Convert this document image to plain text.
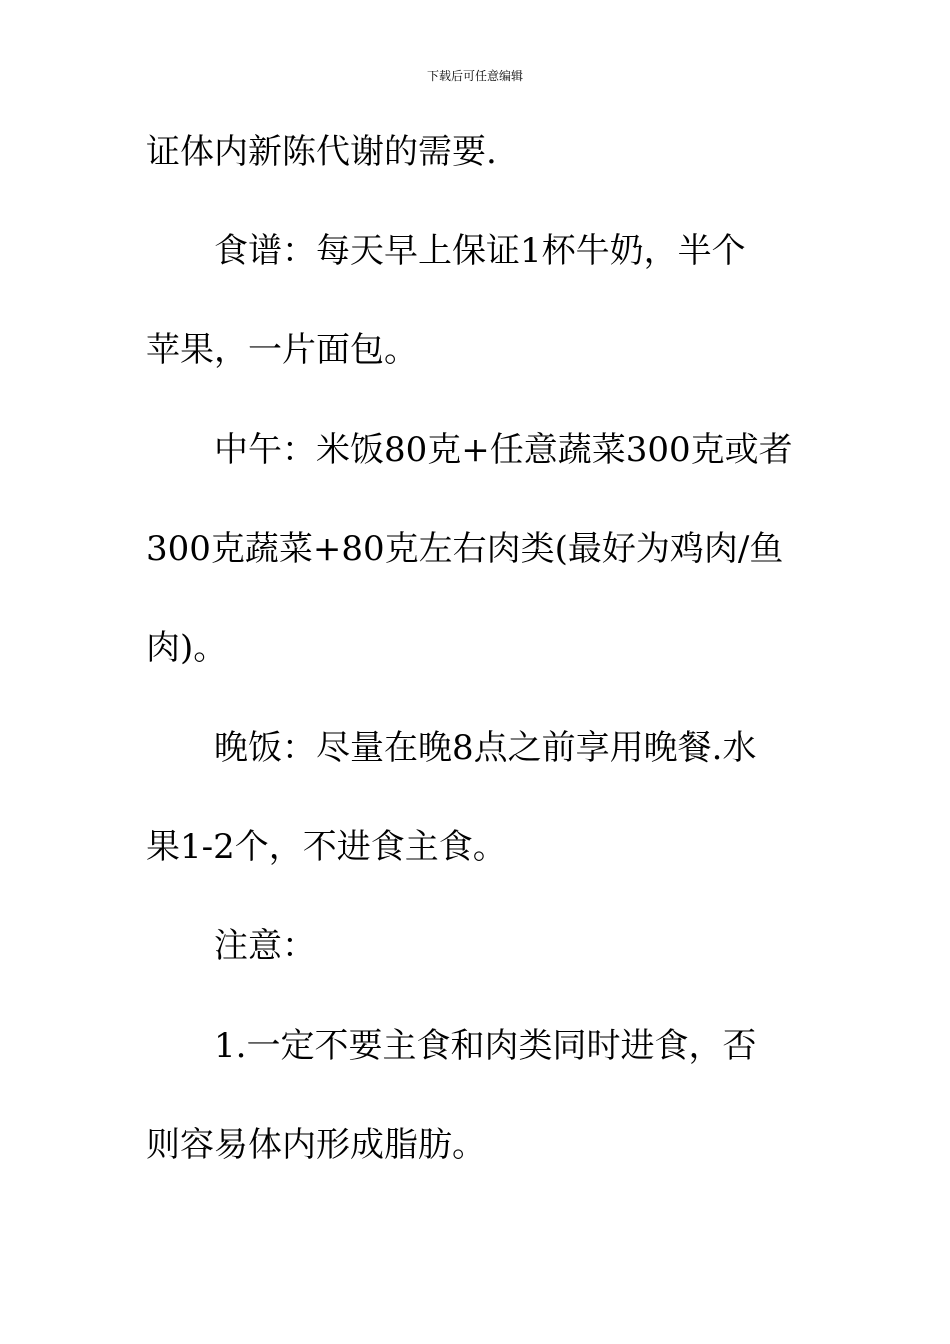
下载后可任意编辑
证体内新陈代谢的需要.
食谱：每天早上保证1杯牛奶，半个
苹果，一片面包。
中午：米饭80克+任意蔬菜300克或者
300克蔬菜+80克左右肉类(最好为鸡肉/鱼
肉)。
晚饭：尽量在晚8点之前享用晚餐.水
果1-2个，不进食主食。
注意：
1.一定不要主食和肉类同时进食，否
则容易体内形成脂肪。
